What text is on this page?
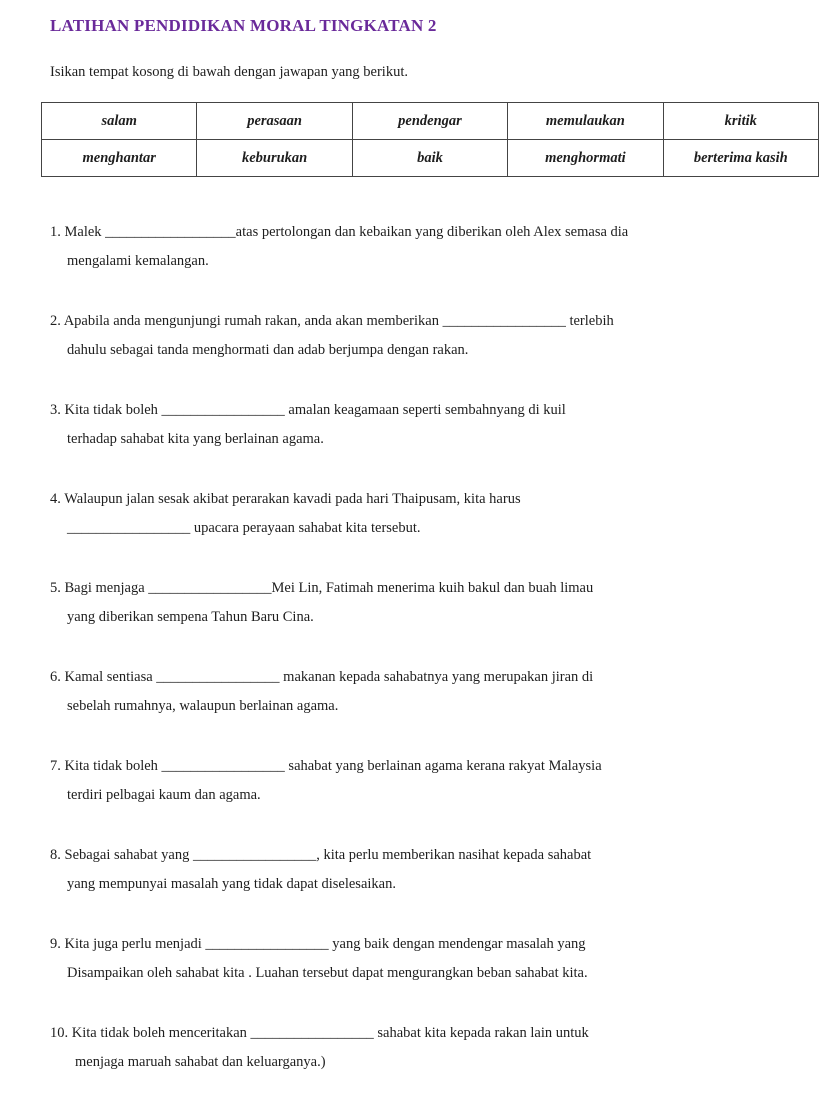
LATIHAN PENDIDIKAN MORAL TINGKATAN 2
Isikan tempat kosong di bawah dengan jawapan yang berikut.
salam	perasaan	pendengar	memulaukan	kritik
menghantar	keburukan	baik	menghormati	berterima kasih
1. Malek __________________atas pertolongan dan kebaikan yang diberikan oleh Alex semasa dia
mengalami kemalangan.
2. Apabila anda mengunjungi rumah rakan, anda akan memberikan _________________ terlebih
dahulu sebagai tanda menghormati dan adab berjumpa dengan rakan.
3. Kita tidak boleh _________________ amalan keagamaan seperti sembahnyang di kuil
terhadap sahabat kita yang berlainan agama.
4. Walaupun jalan sesak akibat perarakan kavadi pada hari Thaipusam, kita harus
_________________ upacara perayaan sahabat kita tersebut.
5. Bagi menjaga _________________Mei Lin, Fatimah menerima kuih bakul dan buah limau
yang diberikan sempena Tahun Baru Cina.
6. Kamal sentiasa _________________ makanan kepada sahabatnya yang merupakan jiran di
sebelah rumahnya, walaupun berlainan agama.
7. Kita tidak boleh _________________ sahabat yang berlainan agama kerana rakyat Malaysia
terdiri pelbagai kaum dan agama.
8. Sebagai sahabat yang _________________, kita perlu memberikan nasihat kepada sahabat
yang mempunyai masalah yang tidak dapat diselesaikan.
9. Kita juga perlu menjadi _________________ yang baik dengan mendengar masalah yang
Disampaikan oleh sahabat kita . Luahan tersebut dapat mengurangkan beban sahabat kita.
10. Kita tidak boleh menceritakan _________________ sahabat kita kepada rakan lain untuk
menjaga maruah sahabat dan keluarganya.)
